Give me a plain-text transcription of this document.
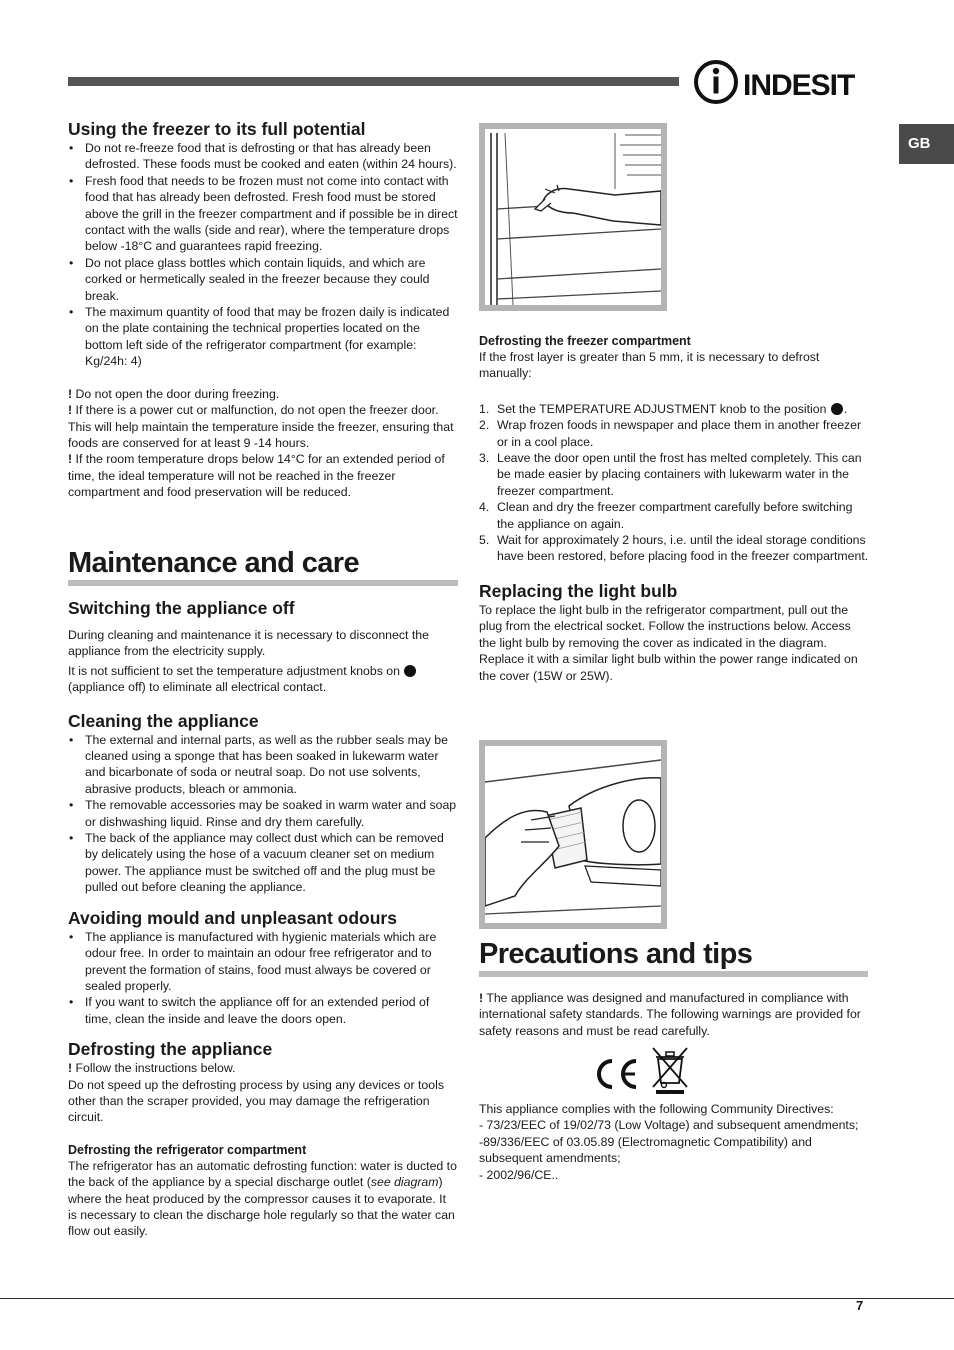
INDESIT
GB
Using the freezer to its full potential
• Do not re-freeze food that is defrosting or that has already been defrosted. These foods must be cooked and eaten (within 24 hours).
• Fresh food that needs to be frozen must not come into contact with food that has already been defrosted. Fresh food must be stored above the grill in the freezer compartment and if possible be in direct contact with the walls (side and rear), where the temperature drops below -18°C and guarantees rapid freezing.
• Do not place glass bottles which contain liquids, and which are corked or hermetically sealed in the freezer because they could break.
• The maximum quantity of food that may be frozen daily is indicated on the plate containing the technical properties located on the bottom left side of the refrigerator compartment (for example: Kg/24h: 4)

! Do not open the door during freezing.

! If there is a power cut or malfunction, do not open the freezer door. This will help maintain the temperature inside the freezer, ensuring that foods are conserved for at least 9 -14 hours.

! If the room temperature drops below 14°C for an extended period of time, the ideal temperature will not be reached in the freezer compartment and food preservation will be reduced.

Maintenance and care
Switching the appliance off

During cleaning and maintenance it is necessary to disconnect the appliance from the electricity supply.

It is not sufficient to set the temperature adjustment knobs on
(appliance off) to eliminate all electrical contact.

Cleaning the appliance
• The external and internal parts, as well as the rubber seals may be cleaned using a sponge that has been soaked in lukewarm water and bicarbonate of soda or neutral soap. Do not use solvents, abrasive products, bleach or ammonia.
• The removable accessories may be soaked in warm water and soap or dishwashing liquid. Rinse and dry them carefully.
• The back of the appliance may collect dust which can be removed by delicately using the hose of a vacuum cleaner set on medium power. The appliance must be switched off and the plug must be pulled out before cleaning the appliance.
Avoiding mould and unpleasant odours
• The appliance is manufactured with hygienic materials which are odour free. In order to maintain an odour free refrigerator and to prevent the formation of stains, food must always be covered or sealed properly.
• If you want to switch the appliance off for an extended period of time, clean the inside and leave the doors open.
Defrosting the appliance

! Follow the instructions below.

Do not speed up the defrosting process by using any devices or tools other than the scraper provided, you may damage the refrigeration circuit.

Defrosting the refrigerator compartment

The refrigerator has an automatic defrosting function: water is ducted to the back of the appliance by a special discharge outlet (see diagram) where the heat produced by the compressor causes it to evaporate. It is necessary to clean the discharge hole regularly so that the water can flow out easily.

Defrosting the freezer compartment

If the frost layer is greater than 5 mm, it is necessary to defrost manually:

1. Set the TEMPERATURE ADJUSTMENT knob to the position .
2. Wrap frozen foods in newspaper and place them in another freezer or in a cool place.
3. Leave the door open until the frost has melted completely. This can be made easier by placing containers with lukewarm water in the freezer compartment.
4. Clean and dry the freezer compartment carefully before switching the appliance on again.
5. Wait for approximately 2 hours, i.e. until the ideal storage conditions have been restored, before placing food in the freezer compartment.
Replacing the light bulb

To replace the light bulb in the refrigerator compartment, pull out the plug from the electrical socket. Follow the instructions below. Access the light bulb by removing the cover as indicated in the diagram. Replace it with a similar light bulb within the power range indicated on the cover (15W or 25W).

Precautions and tips

! The appliance was designed and manufactured in compliance with international safety standards. The following warnings are provided for safety reasons and must be read carefully.

This appliance complies with the following Community Directives:

- 73/23/EEC of 19/02/73 (Low Voltage) and subsequent amendments;

-89/336/EEC of 03.05.89 (Electromagnetic Compatibility) and subsequent amendments;

- 2002/96/CE..

7
